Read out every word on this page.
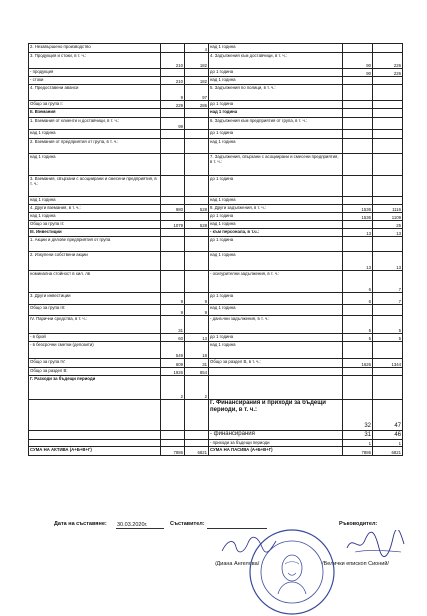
2. Незавършено производство		4	над 1 година		
3. Продукция и стоки, в т. ч.:	210	182	4. Задължения към доставчици, в т. ч.:	90	226
- продукция			до 1 година	90	226
- стоки	210	182	над 1 година		
4. Предоставени аванси	9	97	5. Задължения по полици, в т. ч.:		
Общо за група I:	229	286	до 1 година		
II. Вземания			над 1 година		
1. Вземания от клиенти и доставчици, в т. ч.:	99		6. Задължения към предприятия от група, в т. ч.:		
над 1 година			до 1 година		
2. Вземания от предприятия от група, в т. ч.:			над 1 година		
над 1 година			7. Задължения, свързани с асоциирани и смесени предприятия, в т. ч.:		
3. Вземания, свързани с асоциирани и смесени предприятия, в т. ч.:			до 1 година		
над 1 година			над 1 година		
4. Други вземания, в т. ч.:	980	528	8. Други задължения, в т. ч.:	1536	1116
над 1 година			до 1 година	1536	1109
Общо за група II:	1079	528	над 1 година		25
III. Инвестиции			- към персонала, в т.ч.:	13	13
1. Акции и дялове предприятия от група			до 1 година		
2. Изкупени собствени акции			над 1 година	13	13
номинална стойност в хил. лв			- осигурителни задължения, в т. ч.:	6	7
3. Други инвестиции	9	9	до 1 година	6	7
Общо за група III:	9	9	над 1 година		
IV. Парични средства, в т. ч.:	31		- данъчни задължения, в т. ч.:	5	5
- в брой	60	13	до 1 година	5	5
- в безсрочни сметки (депозити)	549	18	над 1 година		
Общо за група IV:	609	31	Общо за раздел В, в т. ч.:	1626	1344
Общо за раздел В:	1926	854			
Г. Разходи за бъдещи периоди	2	2			
			Г. Финансирания и приходи за бъдещи периоди, в т. ч.:	32	47
			- финансирания	31	46
			- приходи за бъдещи периоди	1	1
СУМА НА АКТИВА (А+Б+В+Г)	7886	6821	СУМА НА ПАСИВА (А+Б+В+Г)	7886	6821
Дата на съставяне: 30.03.2020г.	Съставител:	Ръководител:
/Диана Ангелова/	/Велички епископ Сионий/
